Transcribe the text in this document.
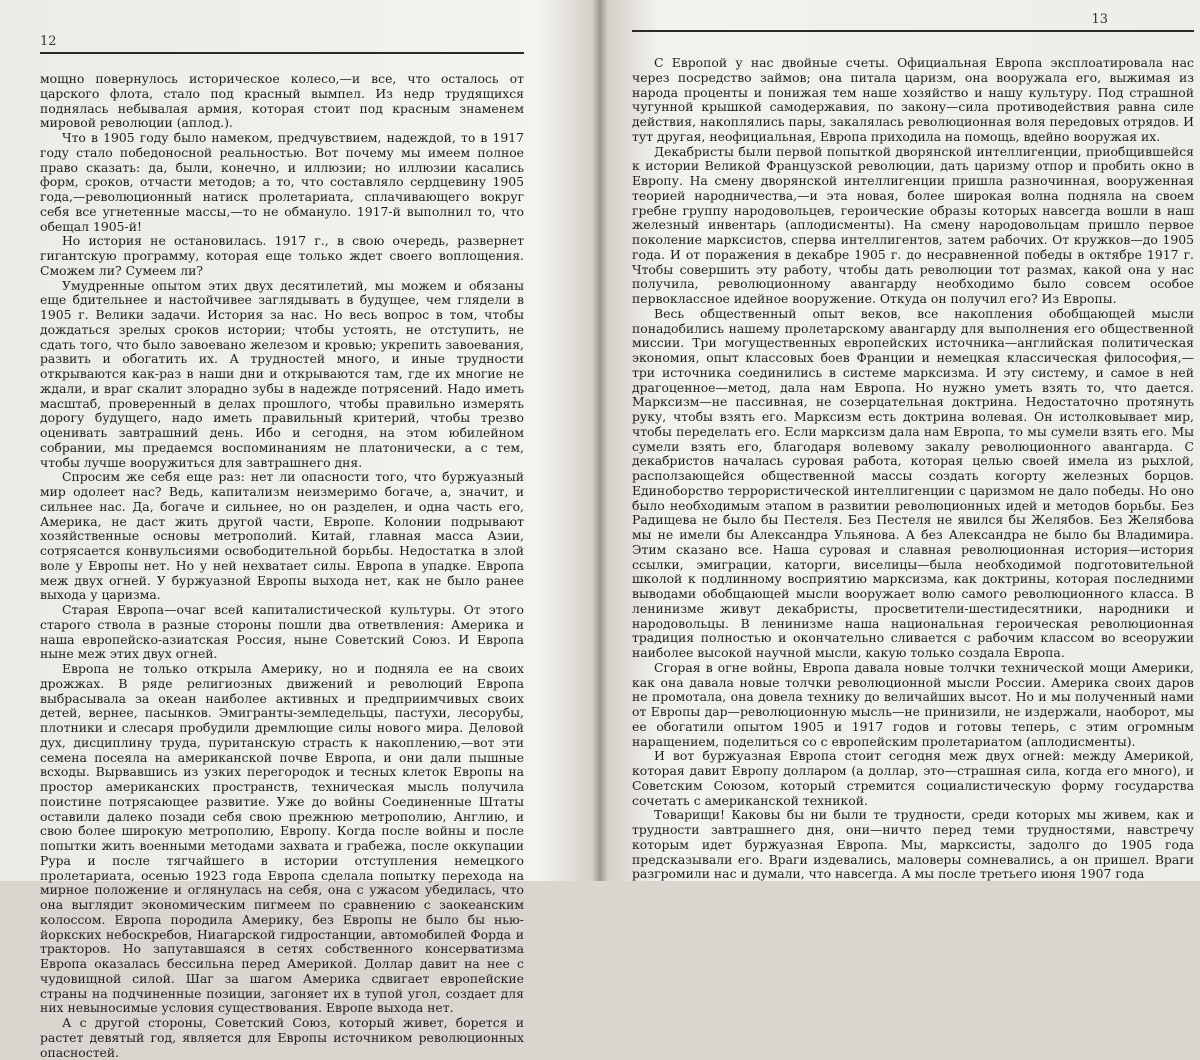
12

мощно повернулось историческое колесо,—и все, что осталось от царского флота, стало под красный вымпел. Из недр трудящихся поднялась небывалая армия, которая стоит под красным знаменем мировой революции (аплод.).

Что в 1905 году было намеком, предчувствием, надеждой, то в 1917 году стало победоносной реальностью. Вот почему мы имеем полное право сказать: да, были, конечно, и иллюзии; но иллюзии касались форм, сроков, отчасти методов; а то, что составляло сердцевину 1905 года,—революционный натиск пролетариата, сплачивающего вокруг себя все угнетенные массы,—то не обмануло. 1917-й выполнил то, что обещал 1905-й!

Но история не остановилась. 1917 г., в свою очередь, развернет гигантскую программу, которая еще только ждет своего воплощения. Сможем ли? Сумеем ли?

Умудренные опытом этих двух десятилетий, мы можем и обязаны еще бдительнее и настойчивее заглядывать в будущее, чем глядели в 1905 г. Велики задачи. История за нас. Но весь вопрос в том, чтобы дождаться зрелых сроков истории; чтобы устоять, не отступить, не сдать того, что было завоевано железом и кровью; укрепить завоевания, развить и обогатить их. А трудностей много, и иные трудности открываются как-раз в наши дни и открываются там, где их многие не ждали, и враг скалит злорадно зубы в надежде потрясений. Надо иметь масштаб, проверенный в делах прошлого, чтобы правильно измерять дорогу будущего, надо иметь правильный критерий, чтобы трезво оценивать завтрашний день. Ибо и сегодня, на этом юбилейном собрании, мы предаемся воспоминаниям не платонически, а с тем, чтобы лучше вооружиться для завтрашнего дня.

Спросим же себя еще раз: нет ли опасности того, что буржуазный мир одолеет нас? Ведь, капитализм неизмеримо богаче, а, значит, и сильнее нас. Да, богаче и сильнее, но он разделен, и одна часть его, Америка, не даст жить другой части, Европе. Колонии подрывают хозяйственные основы метрополий. Китай, главная масса Азии, сотрясается конвульсиями освободительной борьбы. Недостатка в злой воле у Европы нет. Но у ней нехватает силы. Европа в упадке. Европа меж двух огней. У буржуазной Европы выхода нет, как не было ранее выхода у царизма.

Старая Европа—очаг всей капиталистической культуры. От этого старого ствола в разные стороны пошли два ответвления: Америка и наша европейско-азиатская Россия, ныне Советский Союз. И Европа ныне меж этих двух огней.

Европа не только открыла Америку, но и подняла ее на своих дрожжах. В ряде религиозных движений и революций Европа выбрасывала за океан наиболее активных и предприимчивых своих детей, вернее, пасынков. Эмигранты-земледельцы, пастухи, лесорубы, плотники и слесаря пробудили дремлющие силы нового мира. Деловой дух, дисциплину труда, пуританскую страсть к накоплению,—вот эти семена посеяла на американской почве Европа, и они дали пышные всходы. Вырвавшись из узких перегородок и тесных клеток Европы на простор американских пространств, техническая мысль получила поистине потрясающее развитие. Уже до войны Соединенные Штаты оставили далеко позади себя свою прежнюю метрополию, Англию, и свою более широкую метрополию, Европу. Когда после войны и после попытки жить военными методами захвата и грабежа, после оккупации Рура и после тягчайшего в истории отступления немецкого пролетариата, осенью 1923 года Европа сделала попытку перехода на мирное положение и оглянулась на себя, она с ужасом убедилась, что она выглядит экономическим пигмеем по сравнению с заокеанским колоссом. Европа породила Америку, без Европы не было бы нью-йоркских небоскребов, Ниагарской гидростанции, автомобилей Форда и тракторов. Но запутавшаяся в сетях собственного консерватизма Европа оказалась бессильна перед Америкой. Доллар давит на нее с чудовищной силой. Шаг за шагом Америка сдвигает европейские страны на подчиненные позиции, загоняет их в тупой угол, создает для них невыносимые условия существования. Европе выхода нет.

А с другой стороны, Советский Союз, который живет, борется и растет девятый год, является для Европы источником революционных опасностей.

13

С Европой у нас двойные счеты. Официальная Европа эксплоатировала нас через посредство займов; она питала царизм, она вооружала его, выжимая из народа проценты и понижая тем наше хозяйство и нашу культуру. Под страшной чугунной крышкой самодержавия, по закону—сила противодействия равна силе действия, накоплялись пары, закалялась революционная воля передовых отрядов. И тут другая, неофициальная, Европа приходила на помощь, вдейно вооружая их.

Декабристы были первой попыткой дворянской интеллигенции, приобщившейся к истории Великой Французской революции, дать царизму отпор и пробить окно в Европу. На смену дворянской интеллигенции пришла разночинная, вооруженная теорией народничества,—и эта новая, более широкая волна подняла на своем гребне группу народовольцев, героические образы которых навсегда вошли в наш железный инвентарь (аплодисменты). На смену народовольцам пришло первое поколение марксистов, сперва интеллигентов, затем рабочих. От кружков—до 1905 года. И от поражения в декабре 1905 г. до несравненной победы в октябре 1917 г. Чтобы совершить эту работу, чтобы дать революции тот размах, какой она у нас получила, революционному авангарду необходимо было совсем особое первоклассное идейное вооружение. Откуда он получил его? Из Европы.

Весь общественный опыт веков, все накопления обобщающей мысли понадобились нашему пролетарскому авангарду для выполнения его общественной миссии. Три могущественных европейских источника—английская политическая экономия, опыт классовых боев Франции и немецкая классическая философия,—три источника соединились в системе марксизма. И эту систему, и самое в ней драгоценное—метод, дала нам Европа. Но нужно уметь взять то, что дается. Марксизм—не пассивная, не созерцательная доктрина. Недостаточно протянуть руку, чтобы взять его. Марксизм есть доктрина волевая. Он истолковывает мир, чтобы переделать его. Если марксизм дала нам Европа, то мы сумели взять его. Мы сумели взять его, благодаря волевому закалу революционного авангарда. С декабристов началась суровая работа, которая целью своей имела из рыхлой, расползающейся общественной массы создать когорту железных борцов. Единоборство террористической интеллигенции с царизмом не дало победы. Но оно было необходимым этапом в развитии революционных идей и методов борьбы. Без Радищева не было бы Пестеля. Без Пестеля не явился бы Желябов. Без Желябова мы не имели бы Александра Ульянова. А без Александра не было бы Владимира. Этим сказано все. Наша суровая и славная революционная история—история ссылки, эмиграции, каторги, виселицы—была необходимой подготовительной школой к подлинному восприятию марксизма, как доктрины, которая последними выводами обобщающей мысли вооружает волю самого революционного класса. В ленинизме живут декабристы, просветители-шестидесятники, народники и народовольцы. В ленинизме наша национальная героическая революционная традиция полностью и окончательно сливается с рабочим классом во всеоружии наиболее высокой научной мысли, какую только создала Европа.

Сгорая в огне войны, Европа давала новые толчки технической мощи Америки, как она давала новые толчки революционной мысли России. Америка своих даров не промотала, она довела технику до величайших высот. Но и мы полученный нами от Европы дар—революционную мысль—не принизили, не издержали, наоборот, мы ее обогатили опытом 1905 и 1917 годов и готовы теперь, с этим огромным наращением, поделиться со с европейским пролетариатом (аплодисменты).

И вот буржуазная Европа стоит сегодня меж двух огней: между Америкой, которая давит Европу долларом (а доллар, это—страшная сила, когда его много), и Советским Союзом, который стремится социалистическую форму государства сочетать с американской техникой.

Товарищи! Каковы бы ни были те трудности, среди которых мы живем, как и трудности завтрашнего дня, они—ничто перед теми трудностями, навстречу которым идет буржуазная Европа. Мы, марксисты, задолго до 1905 года предсказывали его. Враги издевались, маловеры сомневались, а он пришел. Враги разгромили нас и думали, что навсегда. А мы после третьего июня 1907 года
